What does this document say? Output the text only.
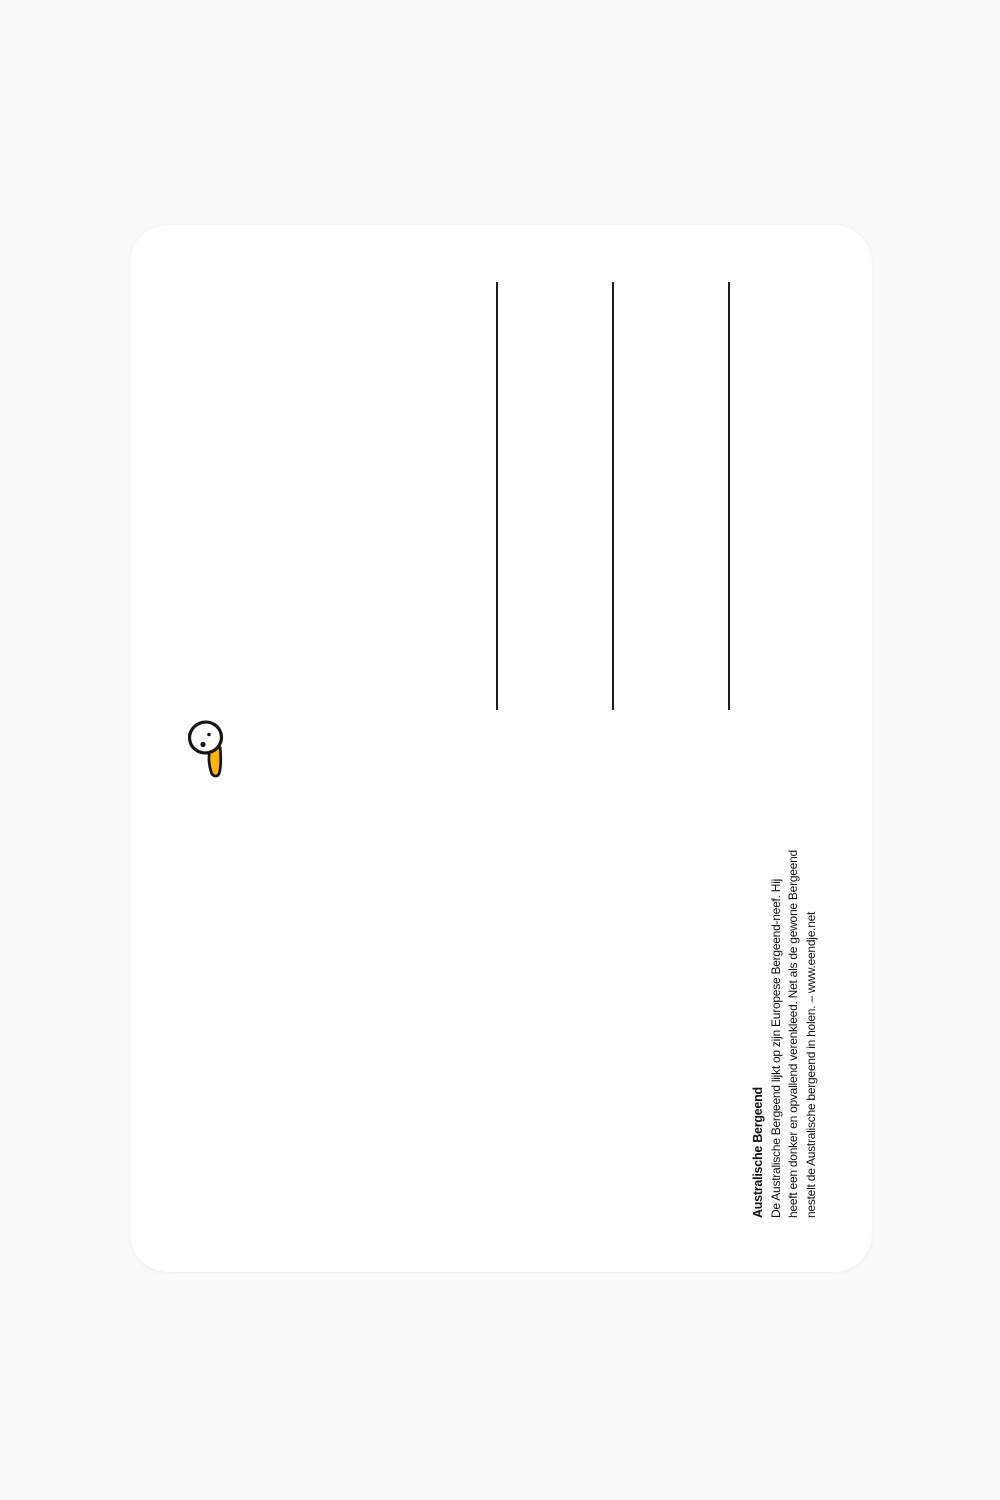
Australische Bergeend De Australische Bergeend lijkt op zijn Europese Bergeend-neef. Hij heeft een donker en opvallend verenkleed. Net als de gewone Bergeend nestelt de Australische bergeend in holen. – www.eendje.net
